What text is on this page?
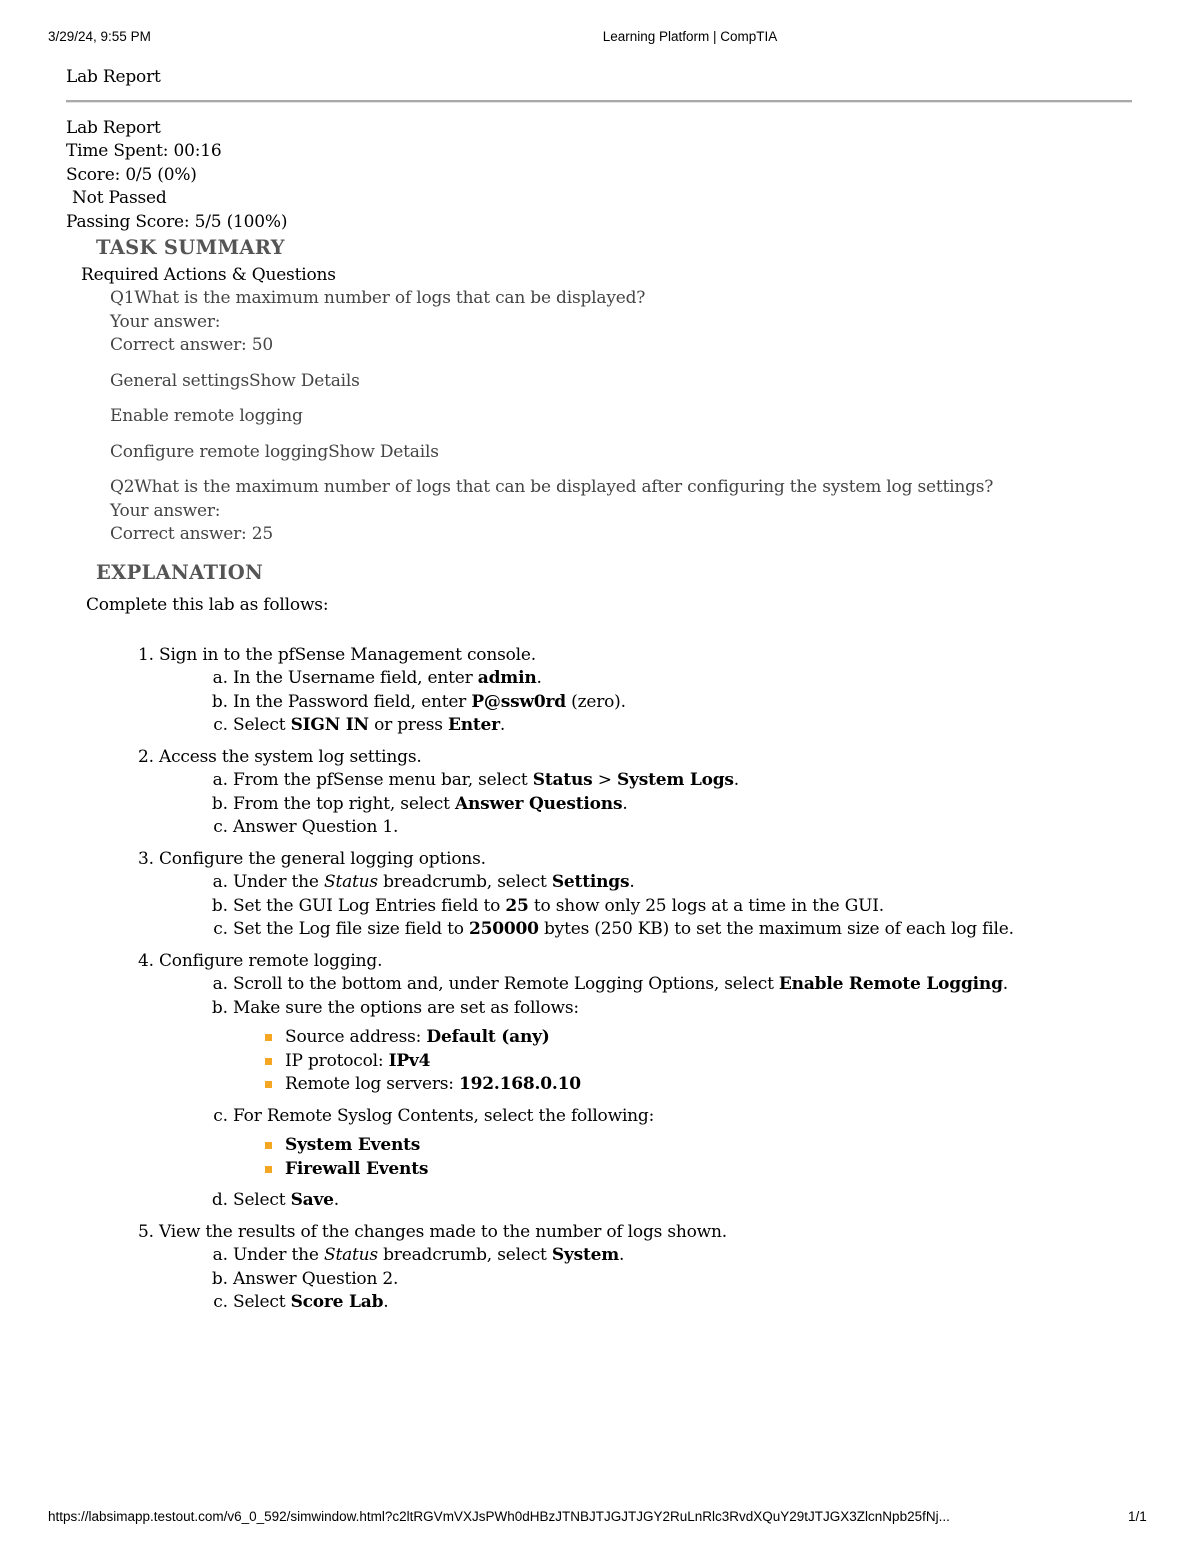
3/29/24, 9:55 PM	Learning Platform | CompTIA
Lab Report
Lab Report
Time Spent: 00:16
Score: 0/5 (0%)
Not Passed
Passing Score: 5/5 (100%)
TASK SUMMARY
Required Actions & Questions
Q1What is the maximum number of logs that can be displayed?
Your answer:
Correct answer: 50
General settingsShow Details
Enable remote logging
Configure remote loggingShow Details
Q2What is the maximum number of logs that can be displayed after configuring the system log settings?
Your answer:
Correct answer: 25
EXPLANATION
Complete this lab as follows:
1. Sign in to the pfSense Management console.
a. In the Username field, enter admin.
b. In the Password field, enter P@ssw0rd (zero).
c. Select SIGN IN or press Enter.
2. Access the system log settings.
a. From the pfSense menu bar, select Status > System Logs.
b. From the top right, select Answer Questions.
c. Answer Question 1.
3. Configure the general logging options.
a. Under the Status breadcrumb, select Settings.
b. Set the GUI Log Entries field to 25 to show only 25 logs at a time in the GUI.
c. Set the Log file size field to 250000 bytes (250 KB) to set the maximum size of each log file.
4. Configure remote logging.
a. Scroll to the bottom and, under Remote Logging Options, select Enable Remote Logging.
b. Make sure the options are set as follows:
Source address: Default (any)
IP protocol: IPv4
Remote log servers: 192.168.0.10
c. For Remote Syslog Contents, select the following:
System Events
Firewall Events
d. Select Save.
5. View the results of the changes made to the number of logs shown.
a. Under the Status breadcrumb, select System.
b. Answer Question 2.
c. Select Score Lab.
https://labsimapp.testout.com/v6_0_592/simwindow.html?c2ltRGVmVXJsPWh0dHBzJTNBJTJGJTJGY2RuLnRlc3RvdXQuY29tJTJGX3ZlcnNpb25fNj...	1/1
